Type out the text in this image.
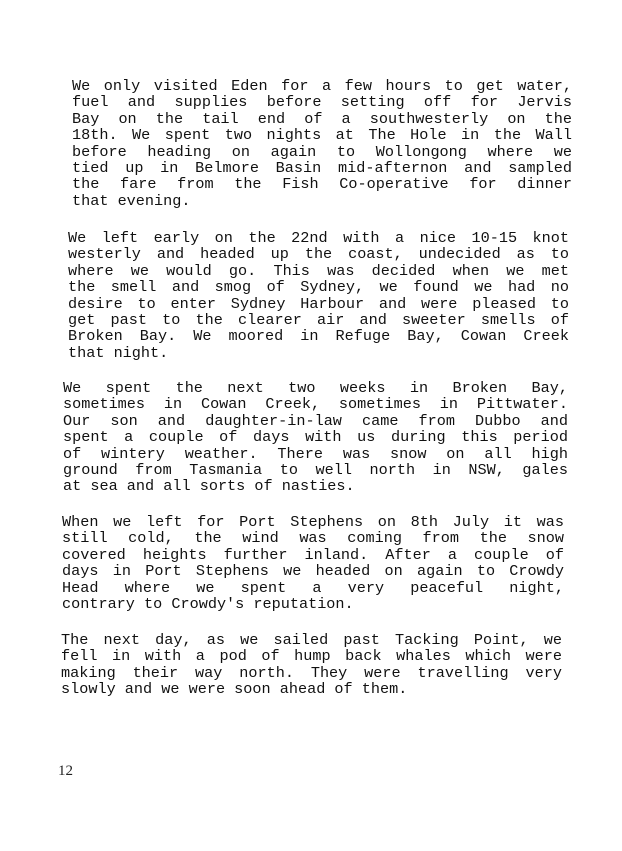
We only visited Eden for a few hours to get water,
fuel and supplies before setting off for Jervis
Bay on the tail end of a southwesterly on the
18th. We spent two nights at The Hole in the Wall
before heading on again to Wollongong where we
tied up in Belmore Basin mid-afternon and sampled
the fare from the Fish Co-operative for dinner
that evening.
We left early on the 22nd with a nice 10-15 knot
westerly and headed up the coast, undecided as to
where we would go. This was decided when we met
the smell and smog of Sydney, we found we had no
desire to enter Sydney Harbour and were pleased to
get past to the clearer air and sweeter smells of
Broken Bay. We moored in Refuge Bay, Cowan Creek
that night.
We spent the next two weeks in Broken Bay,
sometimes in Cowan Creek, sometimes in Pittwater.
Our son and daughter-in-law came from Dubbo and
spent a couple of days with us during this period
of wintery weather. There was snow on all high
ground from Tasmania to well north in NSW, gales
at sea and all sorts of nasties.
When we left for Port Stephens on 8th July it was
still cold, the wind was coming from the snow
covered heights further inland. After a couple of
days in Port Stephens we headed on again to Crowdy
Head where we spent a very peaceful night,
contrary to Crowdy's reputation.
The next day, as we sailed past Tacking Point, we
fell in with a pod of hump back whales which were
making their way north. They were travelling very
slowly and we were soon ahead of them.
12
